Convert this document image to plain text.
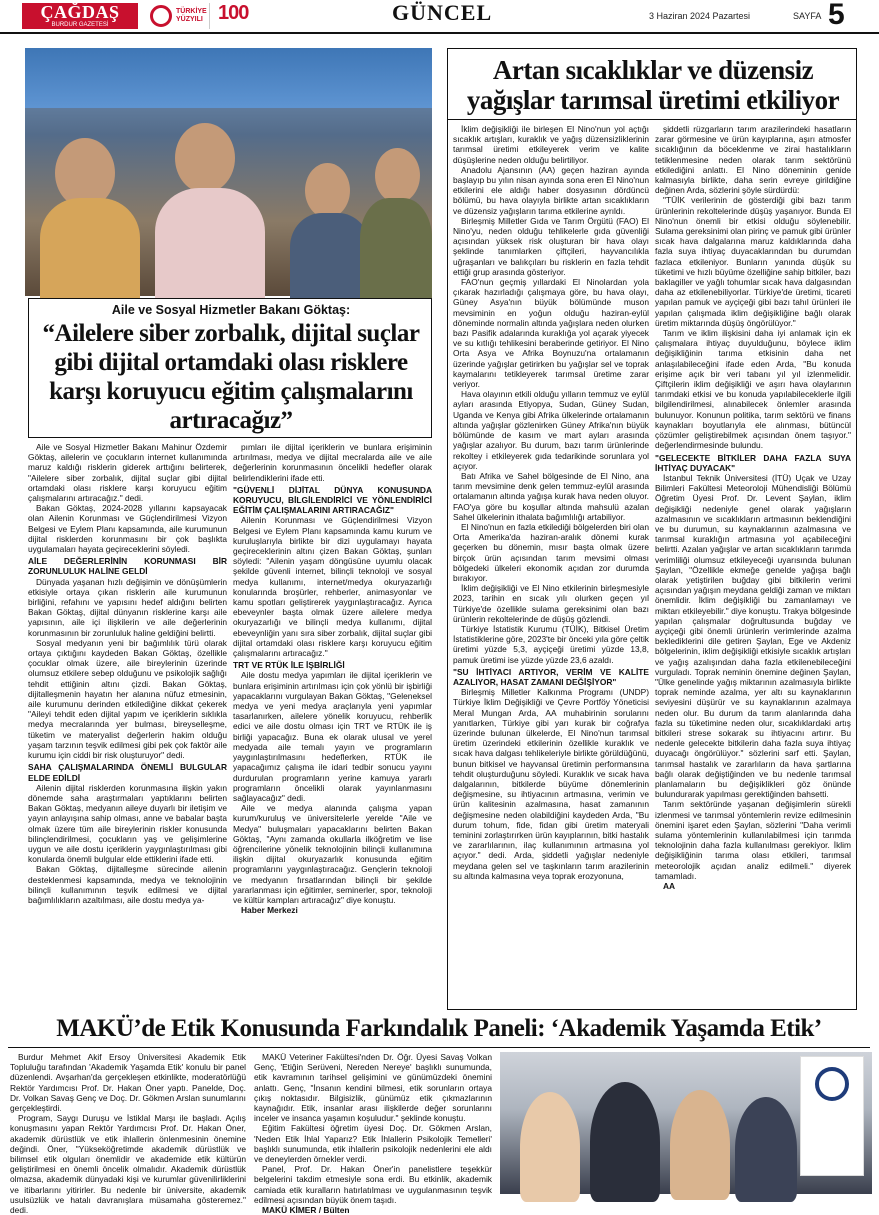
ÇAĞDAŞ
BURDUR GAZETESİ
TÜRKİYE YÜZYILI 100	GÜNCEL	3 Haziran 2024 Pazartesi	SAYFA 5
Aile ve Sosyal Hizmetler Bakanı Göktaş:
“Ailelere siber zorbalık, dijital suçlar gibi dijital ortamdaki olası risklere karşı koruyucu eğitim çalışmalarını artıracağız”

Aile ve Sosyal Hizmetler Bakanı Mahinur Özdemir Göktaş, ailelerin ve çocukların internet kullanımında maruz kaldığı risklerin giderek arttığını belirterek, "Ailelere siber zorbalık, dijital suçlar gibi dijital ortamdaki olası risklere karşı koruyucu eğitim çalışmalarını artıracağız." dedi.

Bakan Göktaş, 2024-2028 yıllarını kapsayacak olan Ailenin Korunması ve Güçlendirilmesi Vizyon Belgesi ve Eylem Planı kapsamında, aile kurumunun dijital risklerden korunmasını bir çok başlıkta uygulamaları hayata geçireceklerini söyledi.

AİLE DEĞERLERİNİN KORUNMASI BİR ZORUNLULUK HALİNE GELDİ

Dünyada yaşanan hızlı değişimin ve dönüşümlerin etkisiyle ortaya çıkan risklerin aile kurumunun birliğini, refahını ve yapısını hedef aldığını belirten Bakan Göktaş, dijital dünyanın risklerine karşı aile yapısının, aile içi ilişkilerin ve aile değerlerinin korunmasının bir zorunluluk haline geldiğini belirtti.

Sosyal medyanın yeni bir bağımlılık türü olarak ortaya çıktığını kaydeden Bakan Göktaş, özellikle çocuklar olmak üzere, aile bireylerinin üzerinde olumsuz etkilere sebep olduğunu ve psikolojik sağlığı tehdit ettiğinin altını çizdi. Bakan Göktaş, dijitalleşmenin hayatın her alanına nüfuz etmesinin, aile kurumunu derinden etkilediğine dikkat çekerek "Aileyi tehdit eden dijital yapım ve içeriklerin sıklıkla medya mecralarında yer bulması, bireyselleşme, tüketim ve materyalist değerlerin hakim olduğu yaşam tarzının teşvik edilmesi gibi pek çok faktör aile kurumu için ciddi bir risk oluşturuyor" dedi.

SAHA ÇALIŞMALARINDA ÖNEMLİ BULGULAR ELDE EDİLDİ

Ailenin dijital risklerden korunmasına ilişkin yakın dönemde saha araştırmaları yaptıklarını belirten Bakan Göktaş, medyanın aileye duyarlı bir iletişim ve yayın anlayışına sahip olması, anne ve babalar başta olmak üzere tüm aile bireylerinin riskler konusunda bilinçlendirilmesi, çocukların yaş ve gelişimlerine uygun ve aile dostu içeriklerin yaygınlaştırılması gibi konularda önemli bulgular elde ettiklerini ifade etti.

Bakan Göktaş, dijitalleşme sürecinde ailenin desteklenmesi kapsamında, medya ve teknolojinin bilinçli kullanımının teşvik edilmesi ve dijital bağımlılıkların azaltılması, aile dostu medya ya-

pımları ile dijital içeriklerin ve bunlara erişiminin artırılması, medya ve dijital mecralarda aile ve aile değerlerinin korunmasının öncelikli hedefler olarak belirlendiklerini ifade etti.

"GÜVENLİ DİJİTAL DÜNYA KONUSUNDA KORUYUCU, BİLGİLENDİRİCİ VE YÖNLENDİRİCİ EĞİTİM ÇALIŞMALARINI ARTIRACAĞIZ"

Ailenin Korunması ve Güçlendirilmesi Vizyon Belgesi ve Eylem Planı kapsamında kamu kurum ve kuruluşlarıyla birlikte bir dizi uygulamayı hayata geçireceklerinin altını çizen Bakan Göktaş, şunları söyledi: "Ailenin yaşam döngüsüne uyumlu olacak şekilde güvenli internet, bilinçli teknoloji ve sosyal medya kullanımı, internet/medya okuryazarlığı konularında broşürler, rehberler, animasyonlar ve kamu spotları geliştirerek yaygınlaştıracağız. Ayrıca ebeveynler başta olmak üzere ailelere medya okuryazarlığı ve bilinçli medya kullanımı, dijital ebeveynliğin yanı sıra siber zorbalık, dijital suçlar gibi dijital ortamdaki olası risklere karşı koruyucu eğitim çalışmalarını artıracağız."

TRT VE RTÜK İLE İŞBİRLİĞİ

Aile dostu medya yapımları ile dijital içeriklerin ve bunlara erişiminin artırılması için çok yönlü bir işbirliği yapacaklarını vurgulayan Bakan Göktaş, "Geleneksel medya ve yeni medya araçlarıyla yeni yapımlar tasarlanırken, ailelere yönelik koruyucu, rehberlik edici ve aile dostu olması için TRT ve RTÜK ile iş birliği yapacağız. Buna ek olarak ulusal ve yerel medyada aile temalı yayın ve programların yaygınlaştırılmasını hedeflerken, RTÜK ile yapacağımız çalışma ile idari tedbir sonucu yayını durdurulan programların yerine kamuya yararlı programların öncelikli olarak yayınlanmasını sağlayacağız" dedi.

Aile ve medya alanında çalışma yapan kurum/kuruluş ve üniversitelerle yerelde "Aile ve Medya" buluşmaları yapacaklarını belirten Bakan Göktaş, "Aynı zamanda okullarla ilköğretim ve lise öğrencilerine yönelik teknolojinin bilinçli kullanımına ilişkin dijital okuryazarlık konusunda eğitim programlarını yaygınlaştıracağız. Gençlerin teknoloji ve medyanın fırsatlarından bilinçli bir şekilde yararlanması için eğitimler, seminerler, spor, teknoloji ve kültür kampları artıracağız" diye konuştu.

Haber Merkezi

Artan sıcaklıklar ve düzensiz yağışlar tarımsal üretimi etkiliyor

İklim değişikliği ile birleşen El Nino'nun yol açtığı sıcaklık artışları, kuraklık ve yağış düzensizliklerinin tarımsal üretimi etkileyerek verim ve kalite düşüşlerine neden olduğu belirtiliyor.

Anadolu Ajansının (AA) geçen haziran ayında başlayıp bu yılın nisan ayında sona eren El Nino'nun etkilerini ele aldığı haber dosyasının dördüncü bölümü, bu hava olayıyla birlikte artan sıcaklıkların ve düzensiz yağışların tarıma etkilerine ayrıldı.

Birleşmiş Milletler Gıda ve Tarım Örgütü (FAO) El Nino'yu, neden olduğu tehlikelerle gıda güvenliği açısından yüksek risk oluşturan bir hava olayı şeklinde tanımlarken çiftçileri, hayvancılıkla uğraşanları ve balıkçıları bu risklerin en fazla tehdit ettiği grup arasında gösteriyor.

FAO'nun geçmiş yıllardaki El Ninolardan yola çıkarak hazırladığı çalışmaya göre, bu hava olayı, Güney Asya'nın büyük bölümünde muson mevsiminin en yoğun olduğu haziran-eylül döneminde normalin altında yağışlara neden olurken bazı Pasifik adalarında kuraklığa yol açarak yiyecek ve su kıtlığı tehlikesini beraberinde getiriyor. El Nino Orta Asya ve Afrika Boynuzu'na ortalamanın üzerinde yağışlar getirirken bu yağışlar sel ve toprak kaymalarını tetikleyerek tarımsal üretime zarar veriyor.

Hava olayının etkili olduğu yılların temmuz ve eylül ayları arasında Etiyopya, Sudan, Güney Sudan, Uganda ve Kenya gibi Afrika ülkelerinde ortalamanın altında yağışlar gözlenirken Güney Afrika'nın büyük bölümünde de kasım ve mart ayları arasında yağışlar azalıyor. Bu durum, bazı tarım ürünlerinde rekoltey i etkileyerek gıda tedarikinde sorunlara yol açıyor.

Batı Afrika ve Sahel bölgesinde de El Nino, ana tarım mevsimine denk gelen temmuz-eylül arasında ortalamanın altında yağışa kurak hava neden oluyor. FAO'ya göre bu koşullar altında mahsulü azalan Sahel ülkelerinin ithalata bağımlılığı artabiliyor.

El Nino'nun en fazla etkilediği bölgelerden biri olan Orta Amerika'da haziran-aralık dönemi kurak geçerken bu dönemin, mısır başta olmak üzere birçok ürün açısından tarım mevsimi olması bölgedeki ülkeleri ekonomik açıdan zor durumda bırakıyor.

İklim değişikliği ve El Nino etkilerinin birleşmesiyle 2023, tarihin en sıcak yılı olurken geçen yıl Türkiye'de özellikle sulama gereksinimi olan bazı ürünlerin rekoltelerinde de düşüş gözlendi.

Türkiye İstatistik Kurumu (TÜİK), Bitkisel Üretim İstatistiklerine göre, 2023'te bir önceki yıla göre çeltik üretimi yüzde 5,3, ayçiçeği üretimi yüzde 13,8, pamuk üretimi ise yüzde yüzde 23,6 azaldı.

"SU İHTİYACI ARTIYOR, VERİM VE KALİTE AZALIYOR, HASAT ZAMANI DEĞİŞİYOR"

Birleşmiş Milletler Kalkınma Programı (UNDP) Türkiye İklim Değişikliği ve Çevre Portföy Yöneticisi Meral Mungan Arda, AA muhabirinin sorularını yanıtlarken, Türkiye gibi yarı kurak bir coğrafya üzerinde bulunan ülkelerde, El Nino'nun tarımsal üretim üzerindeki etkilerinin özellikle kuraklık ve sıcak hava dalgası tehlikeleriyle birlikte görüldüğünü, bunun bitkisel ve hayvansal üretimin performansına tehdit oluşturduğunu söyledi. Kuraklık ve sıcak hava dalgalarının, bitkilerde büyüme dönemlerinin değişmesine, su ihtiyacının artmasına, verimin ve ürün kalitesinin azalmasına, hasat zamanının değişmesine neden olabildiğini kaydeden Arda, "Bu durum tohum, fide, fidan gibi üretim materyali teminini zorlaştırırken ürün kayıplarının, bitki hastalık ve zararlılarının, ilaç kullanımının artmasına yol açıyor." dedi. Arda, şiddetli yağışlar nedeniyle meydana gelen sel ve taşkınların tarım arazilerinin su altında kalmasına veya toprak erozyonuna,

şiddetli rüzgarların tarım arazilerindeki hasatların zarar görmesine ve ürün kayıplarına, aşırı atmosfer sıcaklığının da böceklenme ve zirai hastalıkların tetiklenmesine neden olarak tarım sektörünü etkilediğini anlattı. El Nino döneminin genide kalmasıyla birlikte, daha serin evreye girildiğine değinen Arda, sözlerini şöyle sürdürdü:

"TÜİK verilerinin de gösterdiği gibi bazı tarım ürünlerinin rekoltelerinde düşüş yaşanıyor. Bunda El Nino'nun önemli bir etkisi olduğu söylenebilir. Sulama gereksinimi olan pirinç ve pamuk gibi ürünler sıcak hava dalgalarına maruz kaldıklarında daha fazla suya ihtiyaç duyacaklarından bu durumdan fazlaca etkileniyor. Bunların yanında düşük su tüketimi ve hızlı büyüme özelliğine sahip bitkiler, bazı baklagiller ve yağlı tohumlar sıcak hava dalgasından daha az etkilenebiliyorlar. Türkiye'de üretimi, ticareti yapılan pamuk ve ayçiçeği gibi bazı tahıl ürünleri ile yapılan çalışmada iklim değişikliğine bağlı olarak üretim miktarında düşüş öngörülüyor."

Tarım ve iklim ilişkisini daha iyi anlamak için ek çalışmalara ihtiyaç duyulduğunu, böylece iklim değişikliğinin tarıma etkisinin daha net anlaşılabileceğini ifade eden Arda, "Bu konuda erişime açık bir veri tabanı yıl yıl izlenmelidir. Çiftçilerin iklim değişikliği ve aşırı hava olaylarının tarımdaki etkisi ve bu konuda yapılabileceklerle ilgili bilgilendirilmesi, alınabilecek önlemler arasında bulunuyor. Konunun politika, tarım sektörü ve finans kaynakları boyutlarıyla ele alınması, bütüncül çözümler geliştirebilmek açısından önem taşıyor." değerlendirmesinde bulundu.

"GELECEKTE BİTKİLER DAHA FAZLA SUYA İHTİYAÇ DUYACAK"

İstanbul Teknik Üniversitesi (İTÜ) Uçak ve Uzay Bilimleri Fakültesi Meteoroloji Mühendisliği Bölümü Öğretim Üyesi Prof. Dr. Levent Şaylan, iklim değişikliği nedeniyle genel olarak yağışların azalmasının ve sıcaklıkların artmasının beklendiğini ve bu durumun, su kaynaklarının azalmasına ve tarımsal kuraklığın artmasına yol açabileceğini belirtti. Azalan yağışlar ve artan sıcaklıkların tarımda verimliliği olumsuz etkileyeceği uyarısında bulunan Şaylan, "Özellikle ekmeğe genelde yağışa bağlı olarak yetiştirilen buğday gibi bitkilerin verimi açısından yağışın meydana geldiği zaman ve miktarı önemlidir. İklim değişikliği bu zamanlamayı ve miktarı etkileyebilir." diye konuştu. Trakya bölgesinde yapılan çalışmalar doğrultusunda buğday ve ayçiçeği gibi önemli ürünlerin verimlerinde azalma beklediklerini dile getiren Şaylan, Ege ve Akdeniz bölgelerinin, iklim değişikliği etkisiyle sıcaklık artışları ve yağış azalışından daha fazla etkilenebileceğini vurguladı. Toprak neminin önemine değinen Şaylan, "Ülke genelinde yağış miktarının azalmasıyla birlikte toprak neminde azalma, yer altı su kaynaklarının seviyesini düşürür ve su kaynaklarının azalmaya neden olur. Bu durum da tarım alanlarında daha fazla su tüketimine neden olur, sıcaklıklardaki artış bitkileri strese sokarak su ihtiyacını artırır. Bu nedenle gelecekte bitkilerin daha fazla suya ihtiyaç duyacağı öngörülüyor." sözlerini sarf etti. Şaylan, tarımsal hastalık ve zararlıların da hava şartlarına bağlı olarak değiştiğinden ve bu nedenle tarımsal planlamaların bu değişiklikleri göz önünde bulundurarak yapılması gerektiğinden bahsetti.

Tarım sektöründe yaşanan değişimlerin sürekli izlenmesi ve tarımsal yöntemlerin revize edilmesinin önemini işaret eden Şaylan, sözlerini "Daha verimli sulama yöntemlerinin kullanılabilmesi için tarımda teknolojinin daha fazla kullanılması gerekiyor. İklim değişikliğinin tarıma olası etkileri, tarımsal meteorolojik açıdan analiz edilmeli." diyerek tamamladı.

AA

MAKÜ’de Etik Konusunda Farkındalık Paneli: ‘Akademik Yaşamda Etik’

Burdur Mehmet Akif Ersoy Üniversitesi Akademik Etik Topluluğu tarafından 'Akademik Yaşamda Etik' konulu bir panel düzenlendi. Avşarhan'da gerçekleşen etkinlikte, moderatörlüğü Rektör Yardımcısı Prof. Dr. Hakan Öner yaptı. Panelde, Doç. Dr. Volkan Savaş Genç ve Doç. Dr. Gökmen Arslan sunumlarını gerçekleştirdi.

Program, Saygı Duruşu ve İstiklal Marşı ile başladı. Açılış konuşmasını yapan Rektör Yardımcısı Prof. Dr. Hakan Öner, akademik dürüstlük ve etik ihlallerin önlenmesinin önemine değindi. Öner, "Yükseköğretimde akademik dürüstlük ve bilimsel etik olguları önemlidir ve akademide etik kültürün geliştirilmesi en önemli öncelik olmalıdır. Akademik dürüstlük olmazsa, akademik dünyadaki kişi ve kurumlar güvenilirliklerini ve itibarlarını yitirirler. Bu nedenle bir üniversite, akademik usulsüzlük ve hatalı davranışlara müsamaha gösteremez." dedi.

MAKÜ Veteriner Fakültesi'nden Dr. Öğr. Üyesi Savaş Volkan Genç, 'Etiğin Serüveni, Nereden Nereye' başlıklı sunumunda, etik kavramının tarihsel gelişimini ve günümüzdeki önemini anlattı. Genç, "İnsanın kendini bilmesi, etik sorunların ortaya çıkış noktasıdır. Bilgisizlik, günümüz etik çıkmazlarının kaynağıdır. Etik, insanlar arası ilişkilerde değer sorunlarını inceler ve insanca yaşamın koşuludur." şeklinde konuştu.

Eğitim Fakültesi öğretim üyesi Doç. Dr. Gökmen Arslan, 'Neden Etik İhlal Yaparız? Etik İhlallerin Psikolojik Temelleri' başlıklı sunumunda, etik ihlallerin psikolojik nedenlerini ele aldı ve deneylerden örnekler verdi.

Panel, Prof. Dr. Hakan Öner'in panelistlere teşekkür belgelerini takdim etmesiyle sona erdi. Bu etkinlik, akademik camiada etik kuralların hatırlatılması ve uygulanmasının teşvik edilmesi açısından büyük önem taşıdı.

MAKÜ KİMER / Bülten
